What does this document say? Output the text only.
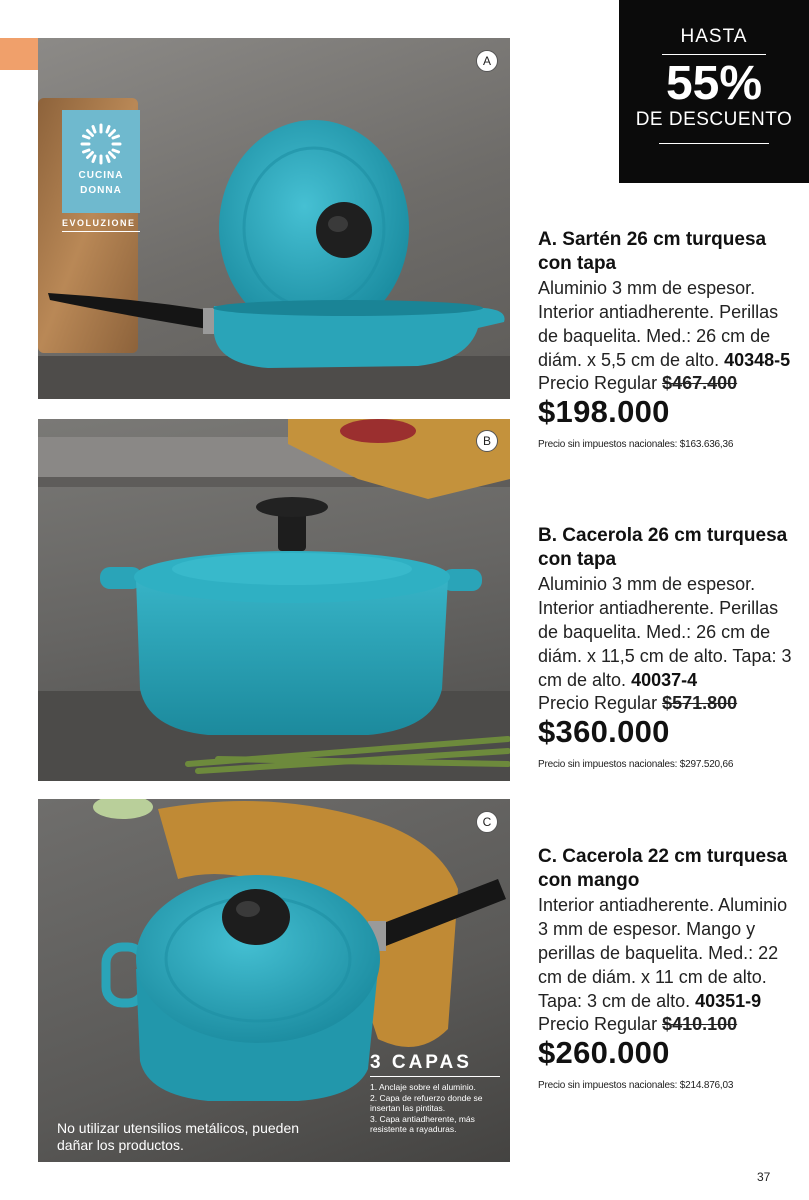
HASTA
55%
DE DESCUENTO
A
CUCINA
DONNA
EVOLUZIONE
B
C
3 CAPAS
1. Anclaje sobre el aluminio.
2. Capa de refuerzo donde se insertan las pintitas.
3. Capa antiadherente, más resistente a rayaduras.
No utilizar utensilios metálicos, pueden dañar los productos.
A. Sartén 26 cm turquesa con tapa
Aluminio 3 mm de espesor. Interior antiadherente. Perillas de baquelita. Med.: 26 cm de diám. x 5,5 cm de alto. 40348-5
Precio Regular $467.400
$198.000
Precio sin impuestos nacionales: $163.636,36
B. Cacerola 26 cm turquesa con tapa
Aluminio 3 mm de espesor. Interior antiadherente. Perillas de baquelita. Med.: 26 cm de diám. x 11,5 cm de alto. Tapa: 3 cm de alto. 40037-4
Precio Regular $571.800
$360.000
Precio sin impuestos nacionales: $297.520,66
C. Cacerola 22 cm turquesa con mango
Interior antiadherente. Aluminio 3 mm de espesor. Mango y perillas de baquelita. Med.: 22 cm de diám. x 11 cm de alto. Tapa: 3 cm de alto. 40351-9
Precio Regular $410.100
$260.000
Precio sin impuestos nacionales: $214.876,03
37
